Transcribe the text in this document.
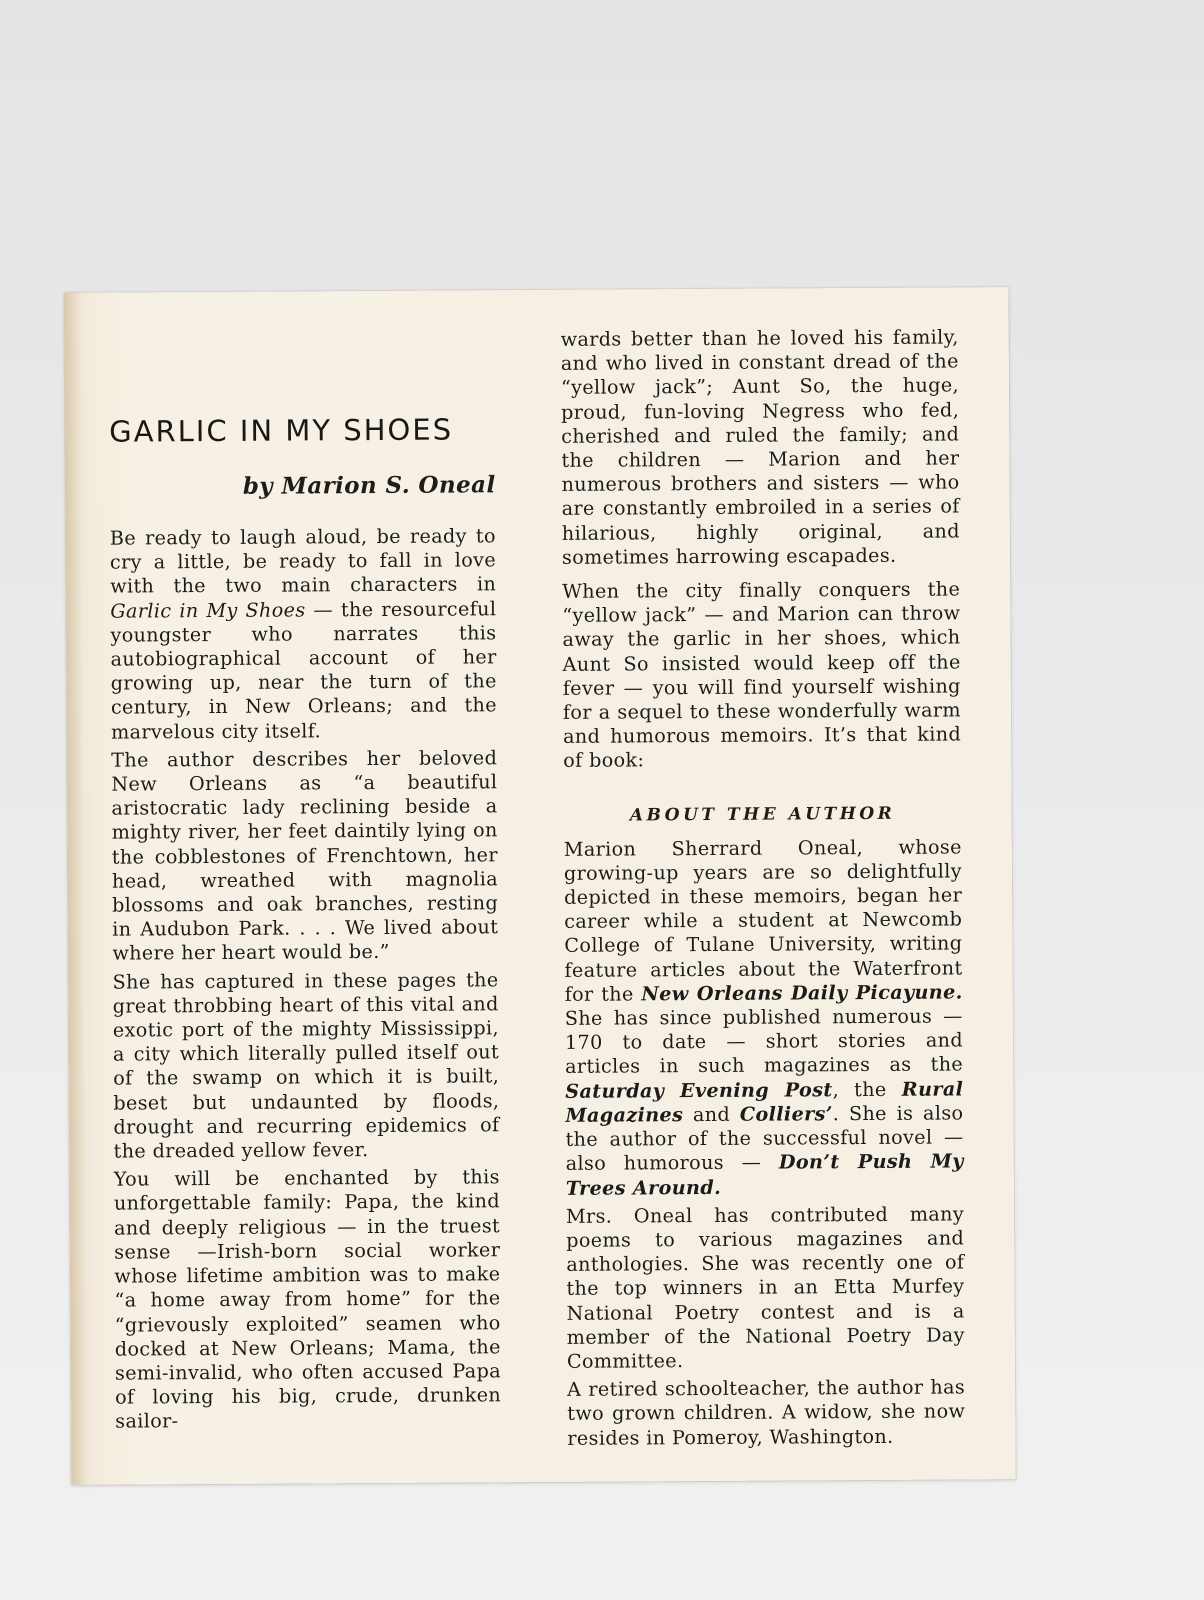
GARLIC IN MY SHOES
by Marion S. Oneal

Be ready to laugh aloud, be ready to cry a little, be ready to fall in love with the two main characters in Garlic in My Shoes — the resourceful youngster who narrates this autobiographical account of her growing up, near the turn of the century, in New Orleans; and the marvelous city itself.

The author describes her beloved New Orleans as “a beautiful aristocratic lady reclining beside a mighty river, her feet daintily lying on the cobblestones of Frenchtown, her head, wreathed with magnolia blossoms and oak branches, resting in Audubon Park. . . . We lived about where her heart would be.”

She has captured in these pages the great throbbing heart of this vital and exotic port of the mighty Mississippi, a city which literally pulled itself out of the swamp on which it is built, beset but undaunted by floods, drought and recurring epidemics of the dreaded yellow fever.

You will be enchanted by this unforgettable family: Papa, the kind and deeply religious — in the truest sense —Irish-born social worker whose lifetime ambition was to make “a home away from home” for the “grievously exploited” seamen who docked at New Orleans; Mama, the semi-invalid, who often accused Papa of loving his big, crude, drunken sailor-

wards better than he loved his family, and who lived in constant dread of the “yellow jack”; Aunt So, the huge, proud, fun-loving Negress who fed, cherished and ruled the family; and the children — Marion and her numerous brothers and sisters — who are constantly embroiled in a series of hilarious, highly original, and sometimes harrowing escapades.

When the city finally conquers the “yellow jack” — and Marion can throw away the garlic in her shoes, which Aunt So insisted would keep off the fever — you will find yourself wishing for a sequel to these wonderfully warm and humorous memoirs. It’s that kind of book:

ABOUT THE AUTHOR

Marion Sherrard Oneal, whose growing-up years are so delightfully depicted in these memoirs, began her career while a student at Newcomb College of Tulane University, writing feature articles about the Waterfront for the New Orleans Daily Picayune. She has since published numerous — 170 to date — short stories and articles in such magazines as the Saturday Evening Post, the Rural Magazines and Colliers’. She is also the author of the successful novel — also humorous — Don’t Push My Trees Around.

Mrs. Oneal has contributed many poems to various magazines and anthologies. She was recently one of the top winners in an Etta Murfey National Poetry contest and is a member of the National Poetry Day Committee.

A retired schoolteacher, the author has two grown children. A widow, she now resides in Pomeroy, Washington.
